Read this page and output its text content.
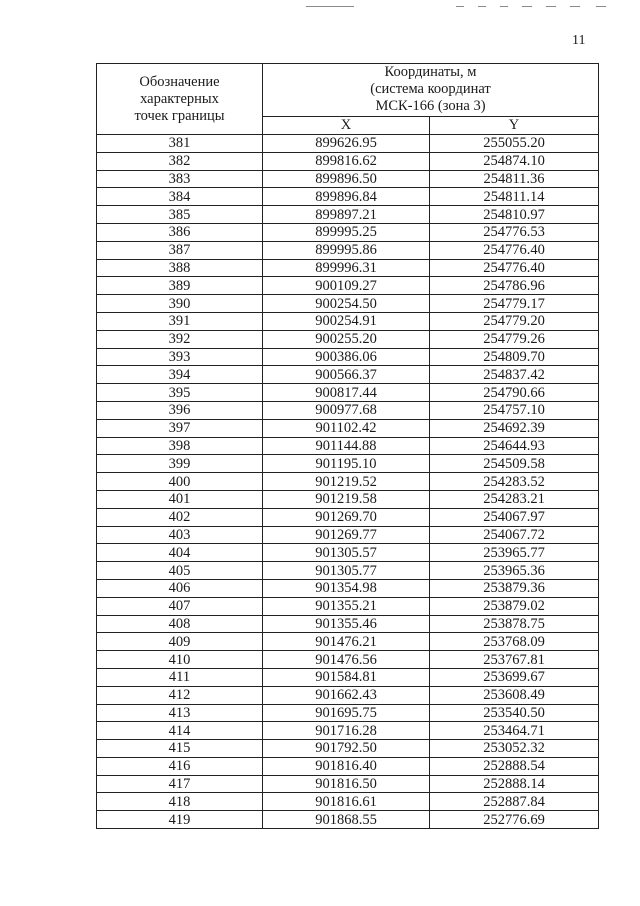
11
Обозначение
характерных
точек границы	Координаты, м
(система координат
МСК-166 (зона 3)	

	X	Y
381	899626.95	255055.20
382	899816.62	254874.10
383	899896.50	254811.36
384	899896.84	254811.14
385	899897.21	254810.97
386	899995.25	254776.53
387	899995.86	254776.40
388	899996.31	254776.40
389	900109.27	254786.96
390	900254.50	254779.17
391	900254.91	254779.20
392	900255.20	254779.26
393	900386.06	254809.70
394	900566.37	254837.42
395	900817.44	254790.66
396	900977.68	254757.10
397	901102.42	254692.39
398	901144.88	254644.93
399	901195.10	254509.58
400	901219.52	254283.52
401	901219.58	254283.21
402	901269.70	254067.97
403	901269.77	254067.72
404	901305.57	253965.77
405	901305.77	253965.36
406	901354.98	253879.36
407	901355.21	253879.02
408	901355.46	253878.75
409	901476.21	253768.09
410	901476.56	253767.81
411	901584.81	253699.67
412	901662.43	253608.49
413	901695.75	253540.50
414	901716.28	253464.71
415	901792.50	253052.32
416	901816.40	252888.54
417	901816.50	252888.14
418	901816.61	252887.84
419	901868.55	252776.69
